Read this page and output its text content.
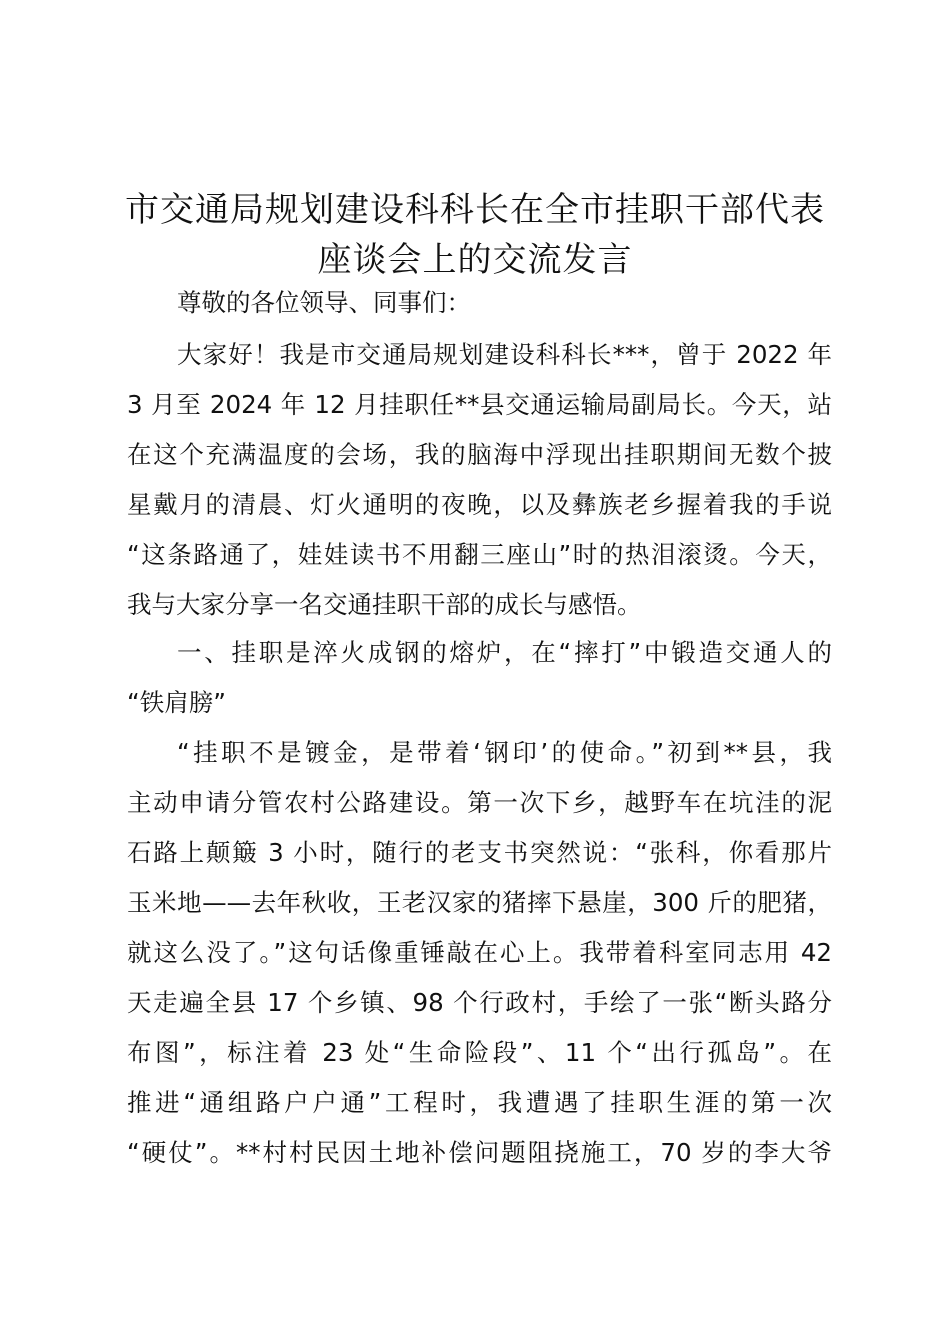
市交通局规划建设科科长在全市挂职干部代表
座谈会上的交流发言
尊敬的各位领导、同事们：
大家好！我是市交通局规划建设科科长***，曾于 2022 年
3 月至 2024 年 12 月挂职任**县交通运输局副局长。今天，站
在这个充满温度的会场，我的脑海中浮现出挂职期间无数个披
星戴月的清晨、灯火通明的夜晚，以及彝族老乡握着我的手说
“这条路通了，娃娃读书不用翻三座山”时的热泪滚烫。今天，
我与大家分享一名交通挂职干部的成长与感悟。
一、挂职是淬火成钢的熔炉，在“摔打”中锻造交通人的
“铁肩膀”
“挂职不是镀金，是带着‘钢印’的使命。”初到**县，我
主动申请分管农村公路建设。第一次下乡，越野车在坑洼的泥
石路上颠簸 3 小时，随行的老支书突然说：“张科，你看那片
玉米地——去年秋收，王老汉家的猪摔下悬崖，300 斤的肥猪，
就这么没了。”这句话像重锤敲在心上。我带着科室同志用 42
天走遍全县 17 个乡镇、98 个行政村，手绘了一张“断头路分
布图”，标注着 23 处“生命险段”、11 个“出行孤岛”。在
推进“通组路户户通”工程时，我遭遇了挂职生涯的第一次
“硬仗”。**村村民因土地补偿问题阻挠施工，70 岁的李大爷
